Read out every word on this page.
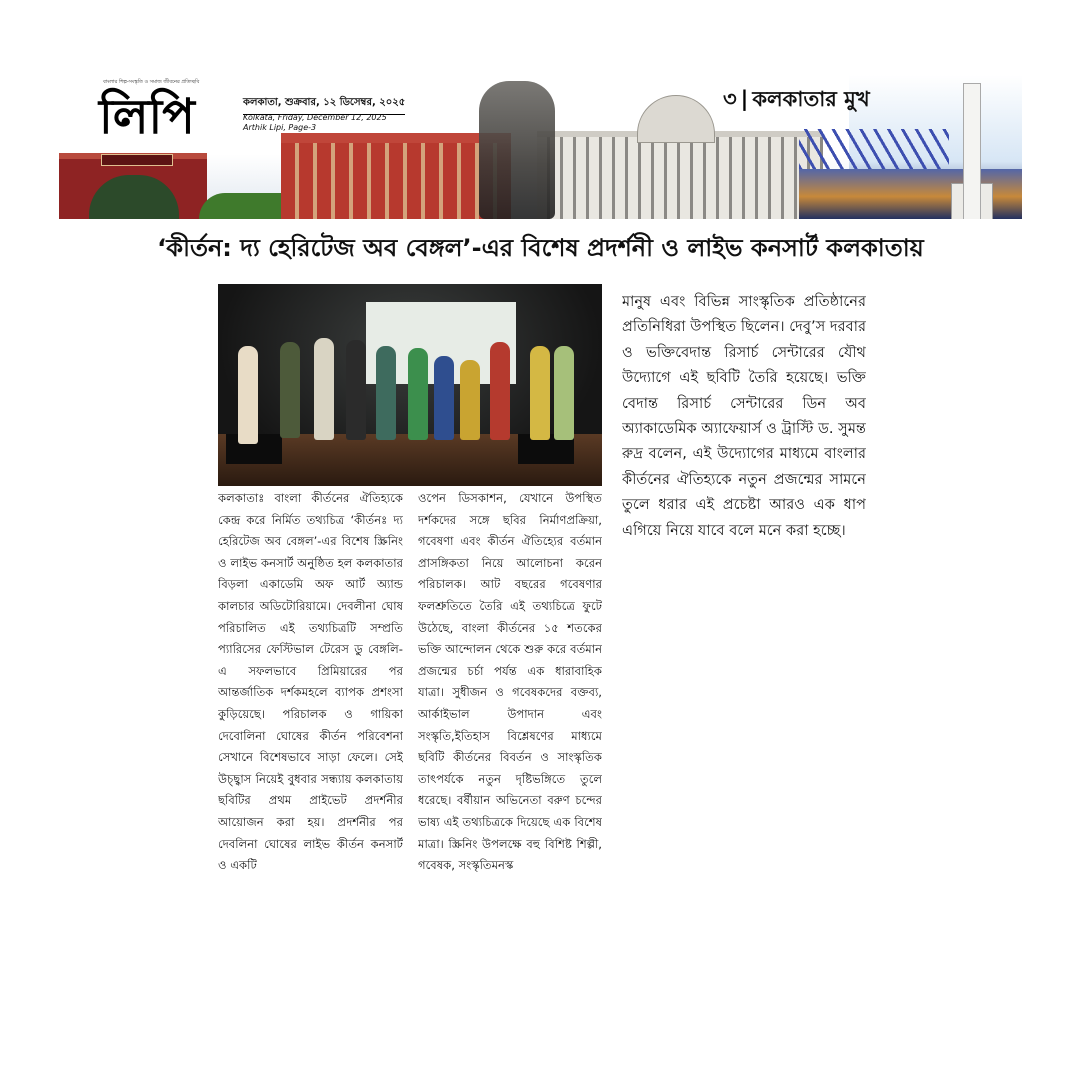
বাংলার শিল্প-সংস্কৃতি ও সমাজ জীবনের প্রতিচ্ছবি
লিপি	কলকাতা, শুক্রবার, ১২ ডিসেম্বর, ২০২৫
Kolkata, Friday, December 12, 2025
Arthik Lipi, Page-3
৩ | কলকাতার মুখ
‘কীর্তন: দ্য হেরিটেজ অব বেঙ্গল’-এর বিশেষ প্রদর্শনী ও লাইভ কনসার্ট কলকাতায়
কলকাতাঃ বাংলা কীর্তনের ঐতিহ্যকে কেন্দ্র করে নির্মিত তথ্যচিত্র ‘কীর্তনঃ দ্য হেরিটেজ অব বেঙ্গল’-এর বিশেষ স্ক্রিনিং ও লাইভ কনসার্ট অনুষ্ঠিত হল কলকাতার বিড়লা একাডেমি অফ আর্ট অ্যান্ড কালচার অডিটোরিয়ামে। দেবলীনা ঘোষ পরিচালিত এই তথ্যচিত্রটি সম্প্রতি প্যারিসের ফেস্টিভাল টেরেস ডু বেঙ্গলি-এ সফলভাবে প্রিমিয়ারের পর আন্তর্জাতিক দর্শকমহলে ব্যাপক প্রশংসা কুড়িয়েছে। পরিচালক ও গায়িকা দেবোলিনা ঘোষের কীর্তন পরিবেশনা সেখানে বিশেষভাবে সাড়া ফেলে। সেই উচ্ছ্বাস নিয়েই বুধবার সন্ধ্যায় কলকাতায় ছবিটির প্রথম প্রাইভেট প্রদর্শনীর আয়োজন করা হয়। প্রদর্শনীর পর দেবলিনা ঘোষের লাইভ কীর্তন কনসার্ট ও একটি
ওপেন ডিসকাশন, যেখানে উপস্থিত দর্শকদের সঙ্গে ছবির নির্মাণপ্রক্রিয়া, গবেষণা এবং কীর্তন ঐতিহ্যের বর্তমান প্রাসঙ্গিকতা নিয়ে আলোচনা করেন পরিচালক। আট বছরের গবেষণার ফলশ্রুতিতে তৈরি এই তথ্যচিত্রে ফুটে উঠেছে, বাংলা কীর্তনের ১৫ শতকের ভক্তি আন্দোলন থেকে শুরু করে বর্তমান প্রজন্মের চর্চা পর্যন্ত এক ধারাবাহিক যাত্রা। সুধীজন ও গবেষকদের বক্তব্য, আর্কাইভাল উপাদান এবং সংস্কৃতি,ইতিহাস বিশ্লেষণের মাধ্যমে ছবিটি কীর্তনের বিবর্তন ও সাংস্কৃতিক তাৎপর্যকে নতুন দৃষ্টিভঙ্গিতে তুলে ধরেছে। বর্ষীয়ান অভিনেতা বরুণ চন্দের ভাষ্য এই তথ্যচিত্রকে দিয়েছে এক বিশেষ মাত্রা। স্ক্রিনিং উপলক্ষে বহু বিশিষ্ট শিল্পী, গবেষক, সংস্কৃতিমনস্ক
মানুষ এবং বিভিন্ন সাংস্কৃতিক প্রতিষ্ঠানের প্রতিনিধিরা উপস্থিত ছিলেন। দেবু’স দরবার ও ভক্তিবেদান্ত রিসার্চ সেন্টারের যৌথ উদ্যোগে এই ছবিটি তৈরি হয়েছে। ভক্তি বেদান্ত রিসার্চ সেন্টারের ডিন অব অ্যাকাডেমিক অ্যাফেয়ার্স ও ট্রাস্টি ড. সুমন্ত রুদ্র বলেন, এই উদ্যোগের মাধ্যমে বাংলার কীর্তনের ঐতিহ্যকে নতুন প্রজন্মের সামনে তুলে ধরার এই প্রচেষ্টা আরও এক ধাপ এগিয়ে নিয়ে যাবে বলে মনে করা হচ্ছে।
